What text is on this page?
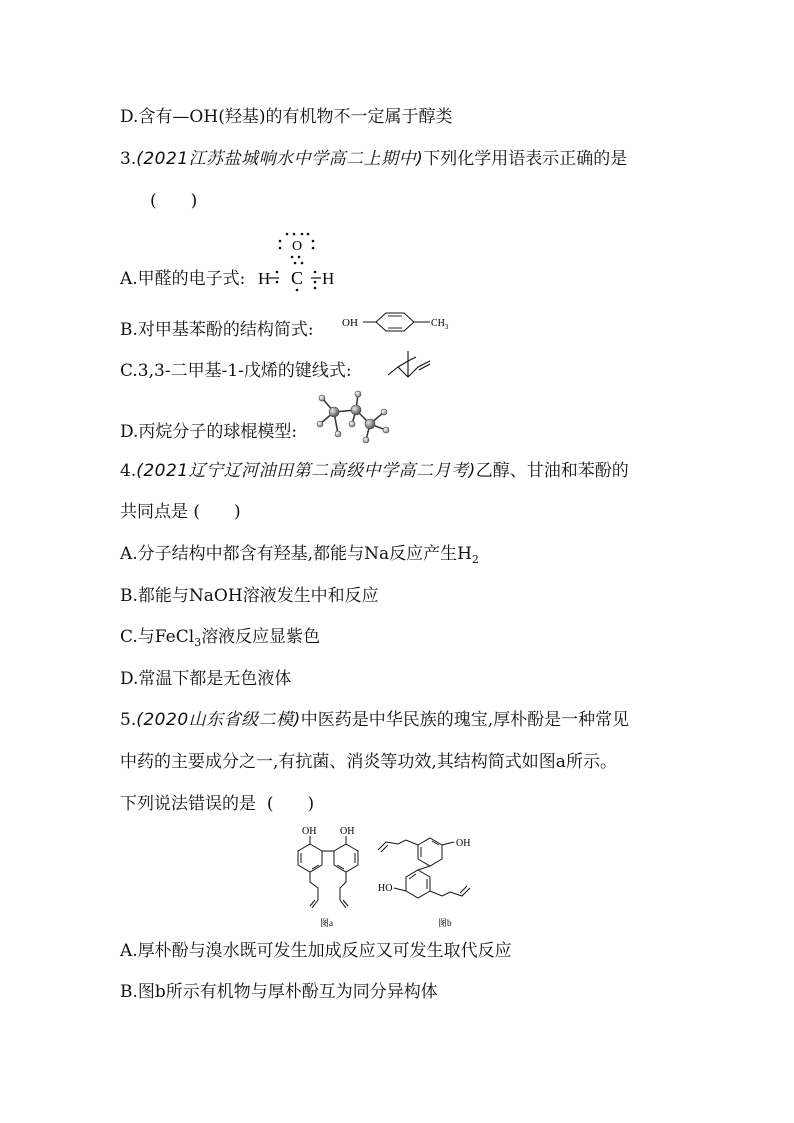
D.含有—OH(羟基)的有机物不一定属于醇类
3.(2021江苏盐城响水中学高二上期中)下列化学用语表示正确的是
(　　)
A.甲醛的电子式:
O
C
H	H
B.对甲基苯酚的结构简式:	OH	$CH_3$
C.3,3-二甲基-1-戊烯的键线式:
D.丙烷分子的球棍模型:
4.(2021辽宁辽河油田第二高级中学高二月考)乙醇、甘油和苯酚的
共同点是 (　　)
A.分子结构中都含有羟基,都能与Na反应产生$H_2$
B.都能与NaOH溶液发生中和反应
C.与FeCl$_3$溶液反应显紫色
D.常温下都是无色液体
5.(2020山东省级二模)中医药是中华民族的瑰宝,厚朴酚是一种常见
中药的主要成分之一,有抗菌、消炎等功效,其结构简式如图a所示。
下列说法错误的是 (　　)
OH OH
图a
OH
HO
图b
A.厚朴酚与溴水既可发生加成反应又可发生取代反应
B.图b所示有机物与厚朴酚互为同分异构体
